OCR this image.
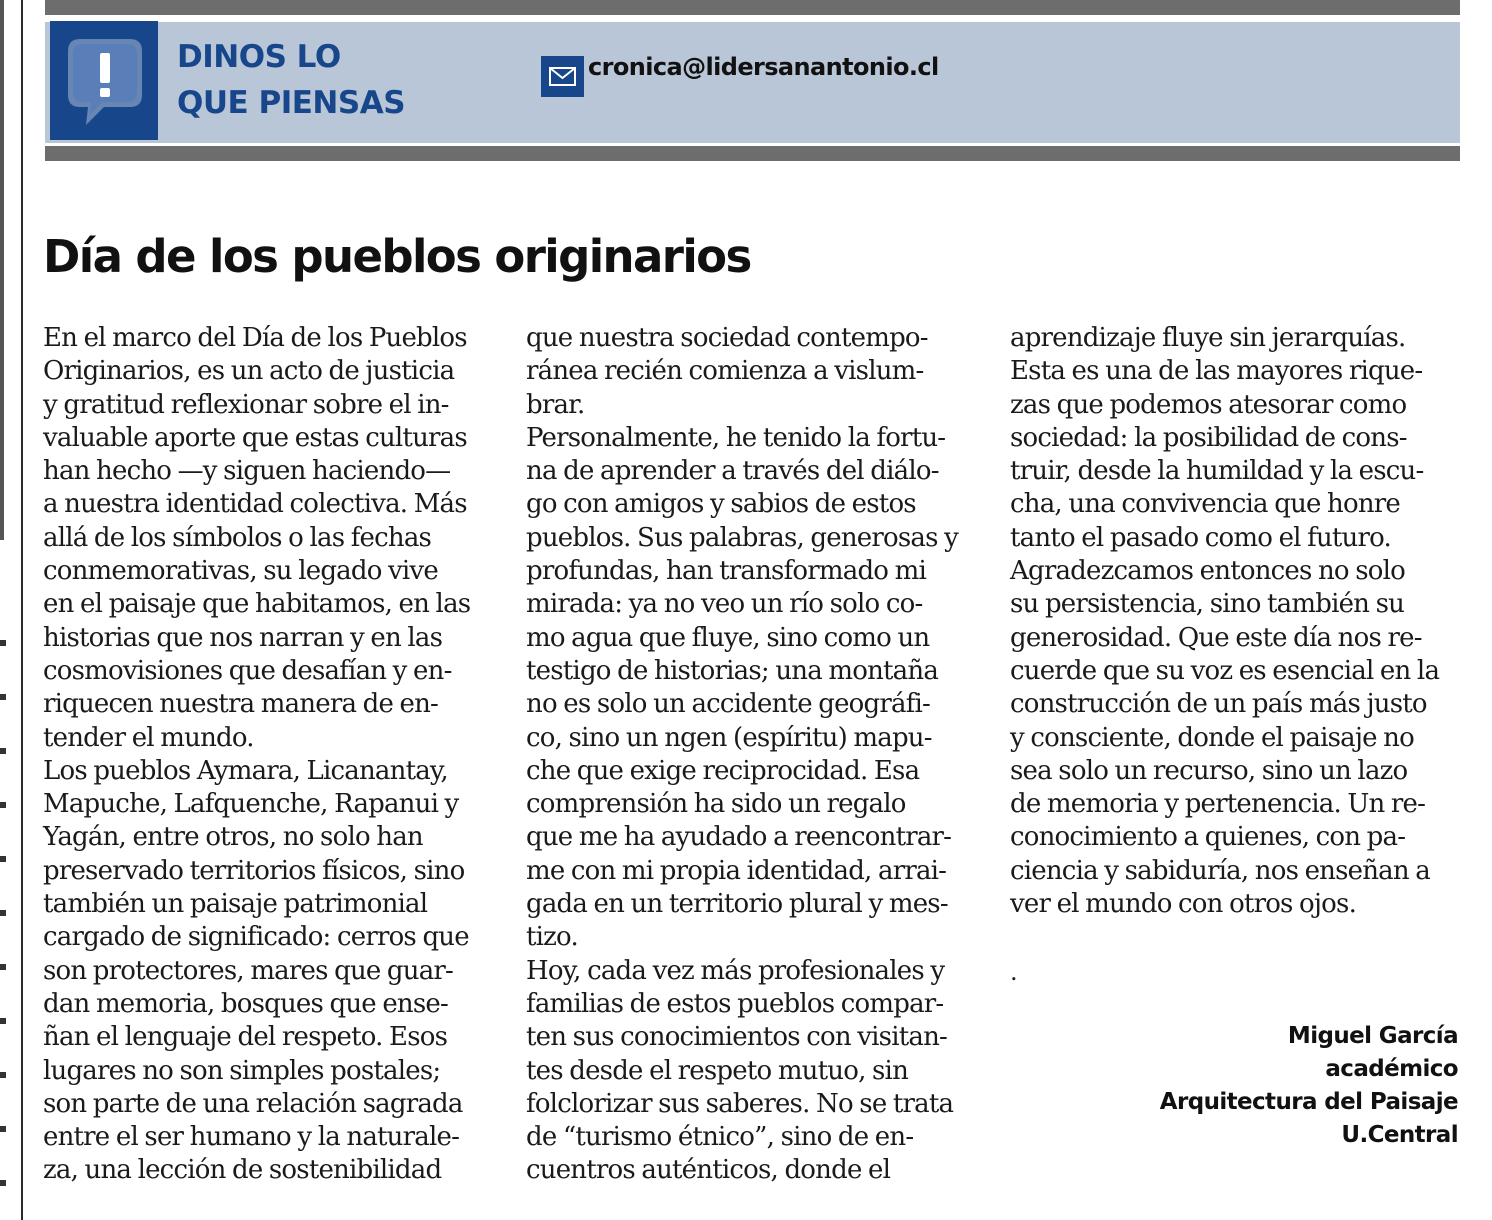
DINOS LO
QUE PIENSAS
cronica@lidersanantonio.cl
Día de los pueblos originarios

En el marco del Día de los Pueblos
Originarios, es un acto de justicia
y gratitud reflexionar sobre el in-
valuable aporte que estas culturas
han hecho —y siguen haciendo—
a nuestra identidad colectiva. Más
allá de los símbolos o las fechas
conmemorativas, su legado vive
en el paisaje que habitamos, en las
historias que nos narran y en las
cosmovisiones que desafían y en-
riquecen nuestra manera de en-
tender el mundo.

Los pueblos Aymara, Licanantay,
Mapuche, Lafquenche, Rapanui y
Yagán, entre otros, no solo han
preservado territorios físicos, sino
también un paisaje patrimonial
cargado de significado: cerros que
son protectores, mares que guar-
dan memoria, bosques que ense-
ñan el lenguaje del respeto. Esos
lugares no son simples postales;
son parte de una relación sagrada
entre el ser humano y la naturale-
za, una lección de sostenibilidad

que nuestra sociedad contempo-
ránea recién comienza a vislum-
brar.

Personalmente, he tenido la fortu-
na de aprender a través del diálo-
go con amigos y sabios de estos
pueblos. Sus palabras, generosas y
profundas, han transformado mi
mirada: ya no veo un río solo co-
mo agua que fluye, sino como un
testigo de historias; una montaña
no es solo un accidente geográfi-
co, sino un ngen (espíritu) mapu-
che que exige reciprocidad. Esa
comprensión ha sido un regalo
que me ha ayudado a reencontrar-
me con mi propia identidad, arrai-
gada en un territorio plural y mes-
tizo.

Hoy, cada vez más profesionales y
familias de estos pueblos compar-
ten sus conocimientos con visitan-
tes desde el respeto mutuo, sin
folclorizar sus saberes. No se trata
de “turismo étnico”, sino de en-
cuentros auténticos, donde el

aprendizaje fluye sin jerarquías.
Esta es una de las mayores rique-
zas que podemos atesorar como
sociedad: la posibilidad de cons-
truir, desde la humildad y la escu-
cha, una convivencia que honre
tanto el pasado como el futuro.

Agradezcamos entonces no solo
su persistencia, sino también su
generosidad. Que este día nos re-
cuerde que su voz es esencial en la
construcción de un país más justo
y consciente, donde el paisaje no
sea solo un recurso, sino un lazo
de memoria y pertenencia. Un re-
conocimiento a quienes, con pa-
ciencia y sabiduría, nos enseñan a
ver el mundo con otros ojos.

.
Miguel García
académico
Arquitectura del Paisaje
U.Central
